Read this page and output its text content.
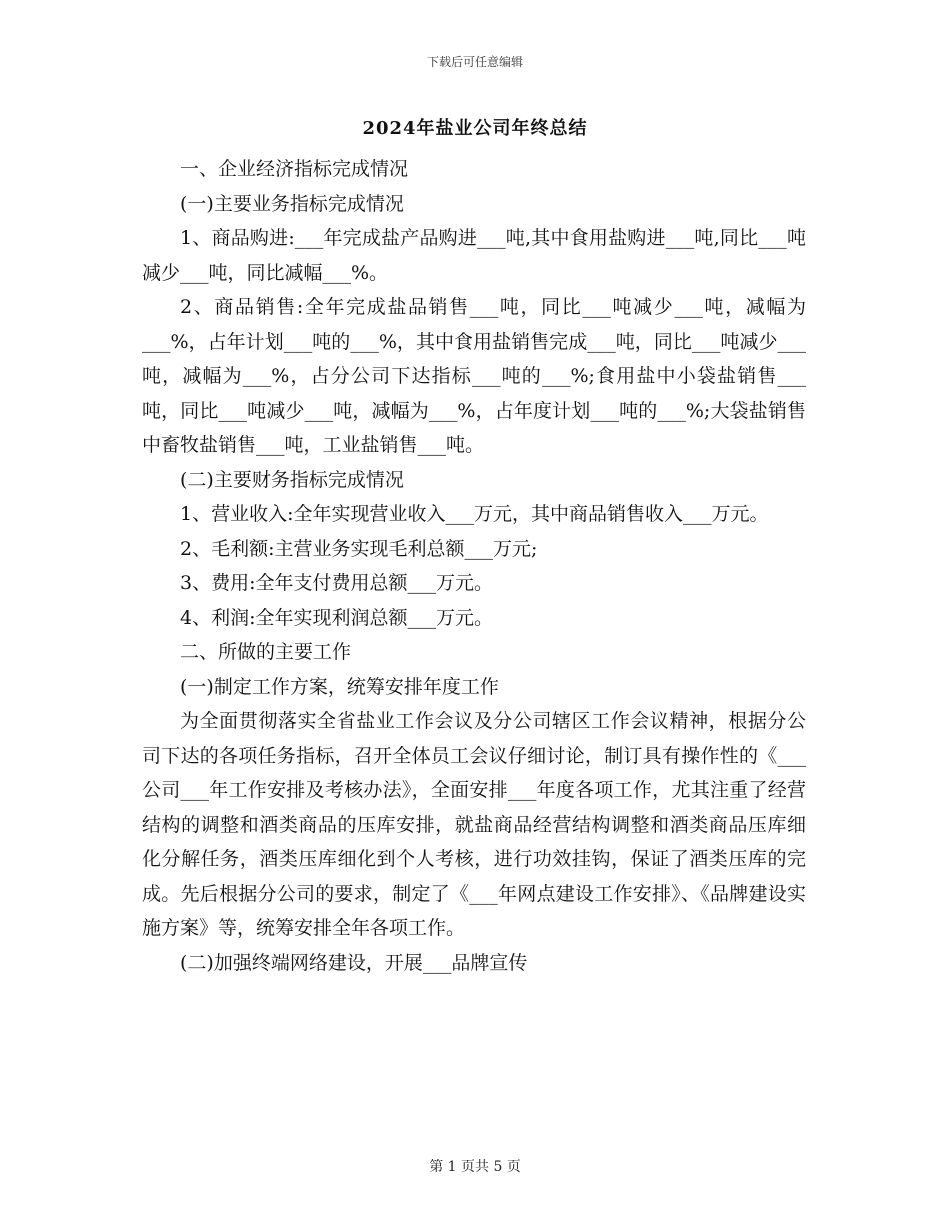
下载后可任意编辑
2024年盐业公司年终总结

一、企业经济指标完成情况

(一)主要业务指标完成情况

1、商品购进:___年完成盐产品购进___吨,其中食用盐购进___吨,同比___吨减少___吨，同比减幅___%。

2、商品销售:全年完成盐品销售___吨，同比___吨减少___吨，减幅为___%，占年计划___吨的___%，其中食用盐销售完成___吨，同比___吨减少___吨，减幅为___%，占分公司下达指标___吨的___%;食用盐中小袋盐销售___吨，同比___吨减少___吨，减幅为___%，占年度计划___吨的___%;大袋盐销售中畜牧盐销售___吨，工业盐销售___吨。

(二)主要财务指标完成情况

1、营业收入:全年实现营业收入___万元，其中商品销售收入___万元。

2、毛利额:主营业务实现毛利总额___万元;

3、费用:全年支付费用总额___万元。

4、利润:全年实现利润总额___万元。

二、所做的主要工作

(一)制定工作方案，统筹安排年度工作

为全面贯彻落实全省盐业工作会议及分公司辖区工作会议精神，根据分公司下达的各项任务指标，召开全体员工会议仔细讨论，制订具有操作性的《___公司___年工作安排及考核办法》，全面安排___年度各项工作，尤其注重了经营结构的调整和酒类商品的压库安排，就盐商品经营结构调整和酒类商品压库细化分解任务，酒类压库细化到个人考核，进行功效挂钩，保证了酒类压库的完成。先后根据分公司的要求，制定了《___年网点建设工作安排》、《品牌建设实施方案》等，统筹安排全年各项工作。

(二)加强终端网络建设，开展___品牌宣传

第 1 页共 5 页
